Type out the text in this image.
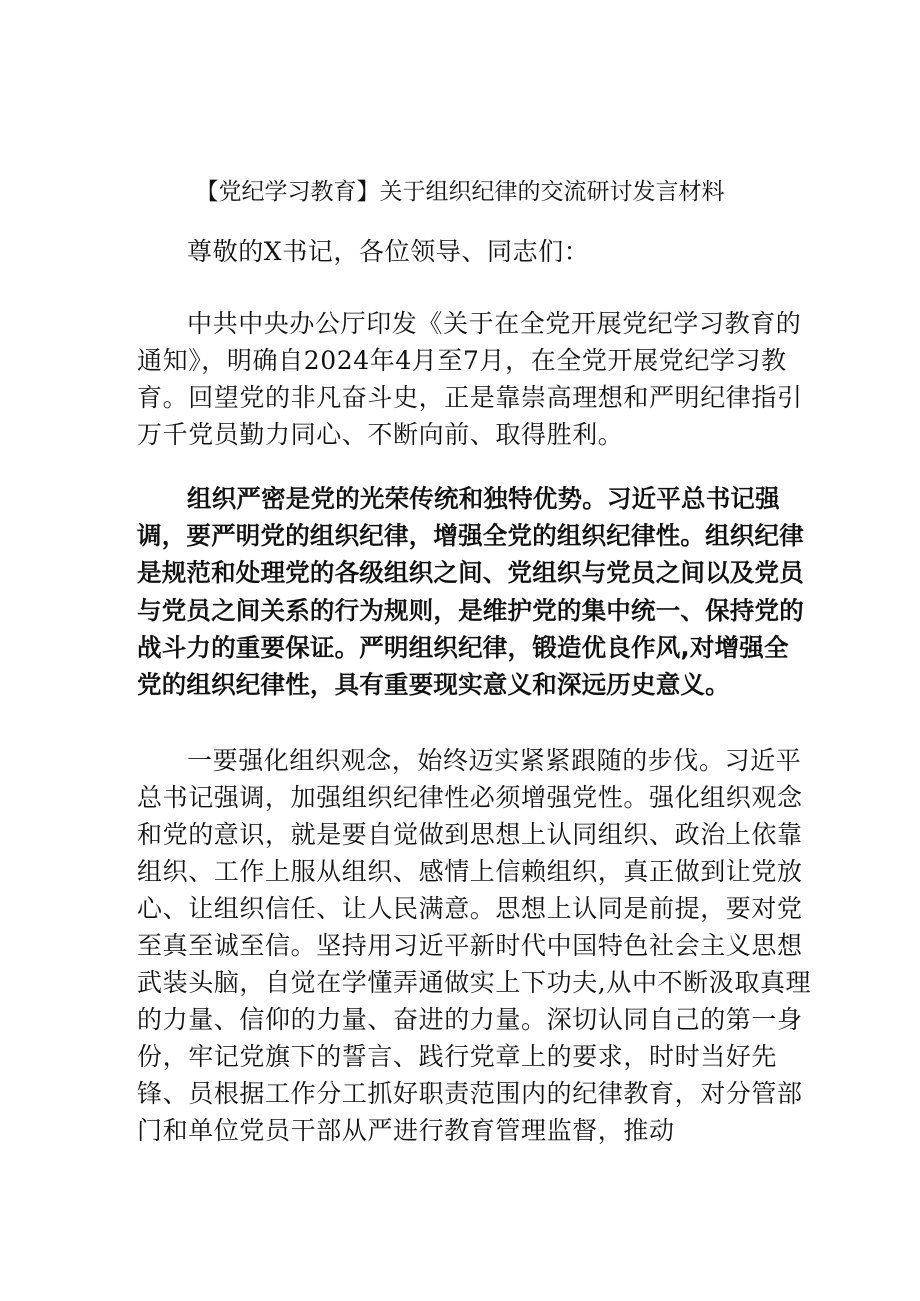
【党纪学习教育】关于组织纪律的交流研讨发言材料

尊敬的X书记，各位领导、同志们：

中共中央办公厅印发《关于在全党开展党纪学习教育的通知》，明确自2024年4月至7月，在全党开展党纪学习教育。回望党的非凡奋斗史，正是靠崇高理想和严明纪律指引万千党员勤力同心、不断向前、取得胜利。

组织严密是党的光荣传统和独特优势。习近平总书记强调，要严明党的组织纪律，增强全党的组织纪律性。组织纪律是规范和处理党的各级组织之间、党组织与党员之间以及党员与党员之间关系的行为规则，是维护党的集中统一、保持党的战斗力的重要保证。严明组织纪律，锻造优良作风,对增强全党的组织纪律性，具有重要现实意义和深远历史意义。

一要强化组织观念，始终迈实紧紧跟随的步伐。习近平总书记强调，加强组织纪律性必须增强党性。强化组织观念和党的意识，就是要自觉做到思想上认同组织、政治上依靠组织、工作上服从组织、感情上信赖组织，真正做到让党放心、让组织信任、让人民满意。思想上认同是前提，要对党至真至诚至信。坚持用习近平新时代中国特色社会主义思想武装头脑，自觉在学懂弄通做实上下功夫,从中不断汲取真理的力量、信仰的力量、奋进的力量。深切认同自己的第一身份，牢记党旗下的誓言、践行党章上的要求，时时当好先锋、员根据工作分工抓好职责范围内的纪律教育，对分管部门和单位党员干部从严进行教育管理监督，推动
